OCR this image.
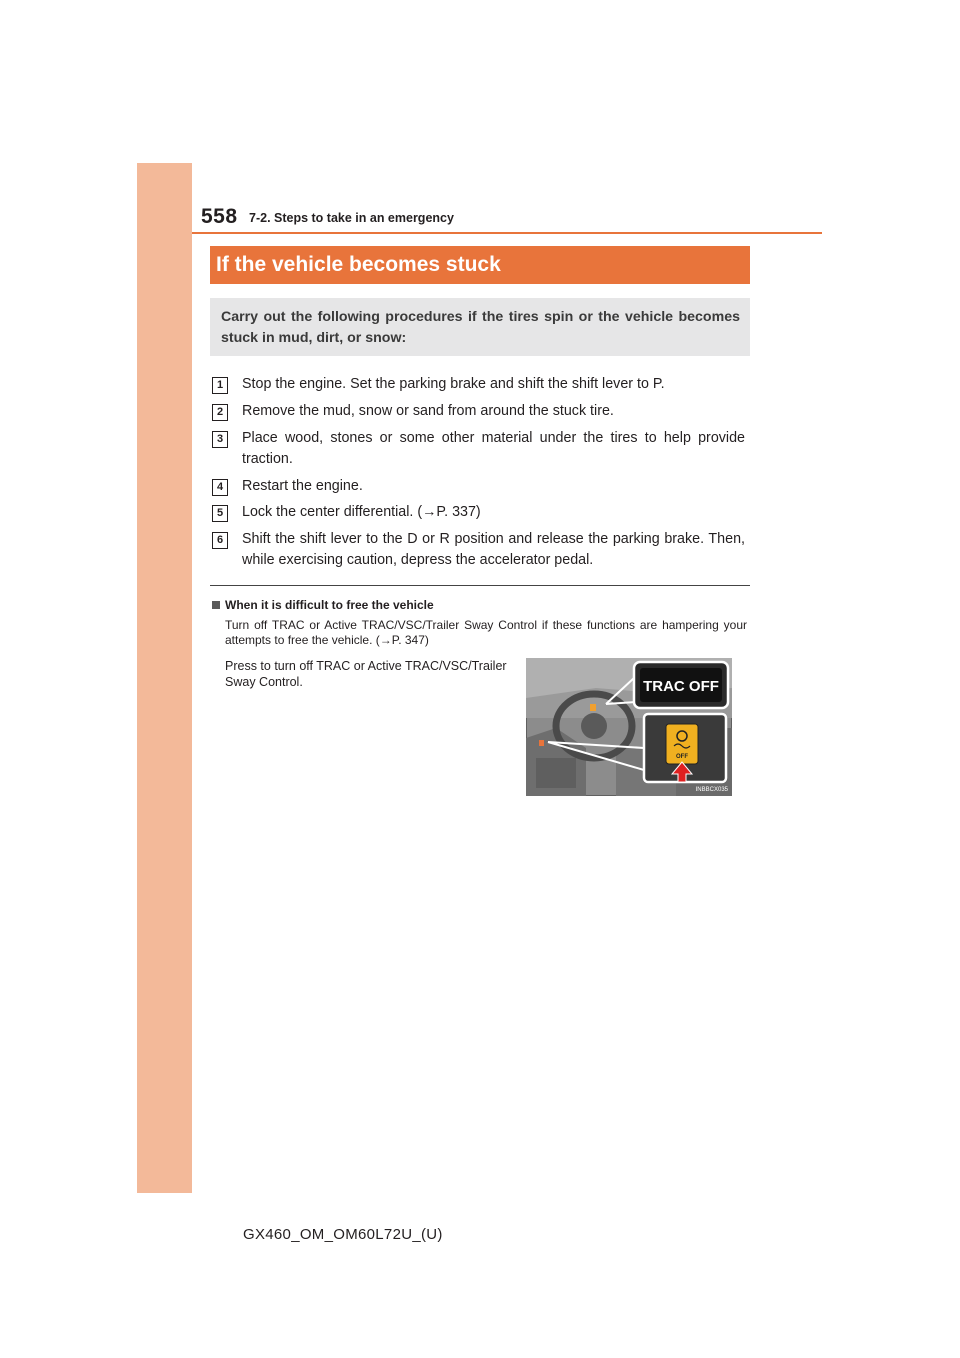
558 7-2. Steps to take in an emergency
If the vehicle becomes stuck
Carry out the following procedures if the tires spin or the vehicle becomes stuck in mud, dirt, or snow:
1	Stop the engine. Set the parking brake and shift the shift lever to P.
2	Remove the mud, snow or sand from around the stuck tire.
3	Place wood, stones or some other material under the tires to help provide traction.
4	Restart the engine.
5	Lock the center differential. (→P. 337)
6	Shift the shift lever to the D or R position and release the parking brake. Then, while exercising caution, depress the accelerator pedal.
When it is difficult to free the vehicle
Turn off TRAC or Active TRAC/VSC/Trailer Sway Control if these functions are hampering your attempts to free the vehicle. (→P. 347)
Press to turn off TRAC or Active TRAC/VSC/Trailer Sway Control.	TRAC OFF
OFF
INBBCX035
GX460_OM_OM60L72U_(U)
